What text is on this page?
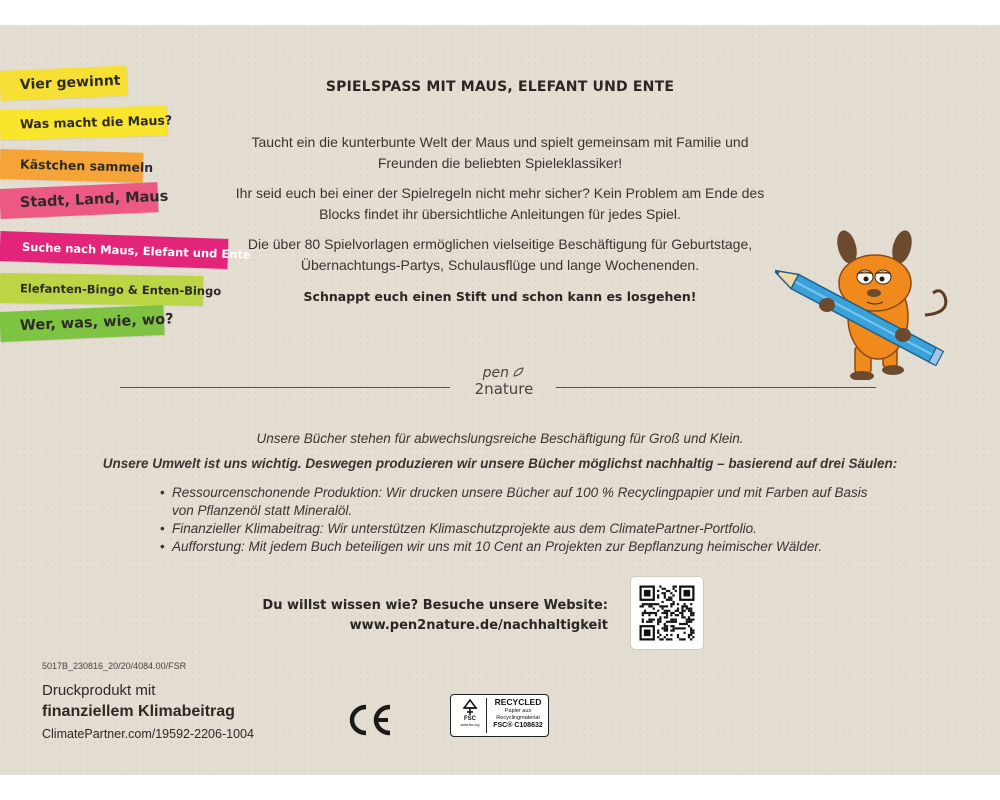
Vier gewinnt
Was macht die Maus?
Kästchen sammeln
Stadt, Land, Maus
Suche nach Maus, Elefant und Ente
Elefanten-Bingo & Enten-Bingo
Wer, was, wie, wo?
SPIELSPASS MIT MAUS, ELEFANT UND ENTE
Taucht ein die kunterbunte Welt der Maus und spielt gemeinsam mit Familie und Freunden die beliebten Spieleklassiker!
Ihr seid euch bei einer der Spielregeln nicht mehr sicher? Kein Problem am Ende des Blocks findet ihr übersichtliche Anleitungen für jedes Spiel.
Die über 80 Spielvorlagen ermöglichen vielseitige Beschäftigung für Geburtstage, Übernachtungs-Partys, Schulausflüge und lange Wochenenden.
Schnappt euch einen Stift und schon kann es losgehen!
pen
2nature
Unsere Bücher stehen für abwechslungsreiche Beschäftigung für Groß und Klein.
Unsere Umwelt ist uns wichtig. Deswegen produzieren wir unsere Bücher möglichst nachhaltig – basierend auf drei Säulen:
• Ressourcenschonende Produktion: Wir drucken unsere Bücher auf 100 % Recyclingpapier und mit Farben auf Basis von Pflanzenöl statt Mineralöl.
• Finanzieller Klimabeitrag: Wir unterstützen Klimaschutzprojekte aus dem ClimatePartner-Portfolio.
• Aufforstung: Mit jedem Buch beteiligen wir uns mit 10 Cent an Projekten zur Bepflanzung heimischer Wälder.
Du willst wissen wie? Besuche unsere Website:
www.pen2nature.de/nachhaltigkeit
5017B_230816_20/20/4084.00/FSR
Druckprodukt mit
finanziellem Klimabeitrag
ClimatePartner.com/19592-2206-1004
FSC
www.fsc.org
RECYCLED
Papier aus
Recyclingmaterial
FSC® C108632
